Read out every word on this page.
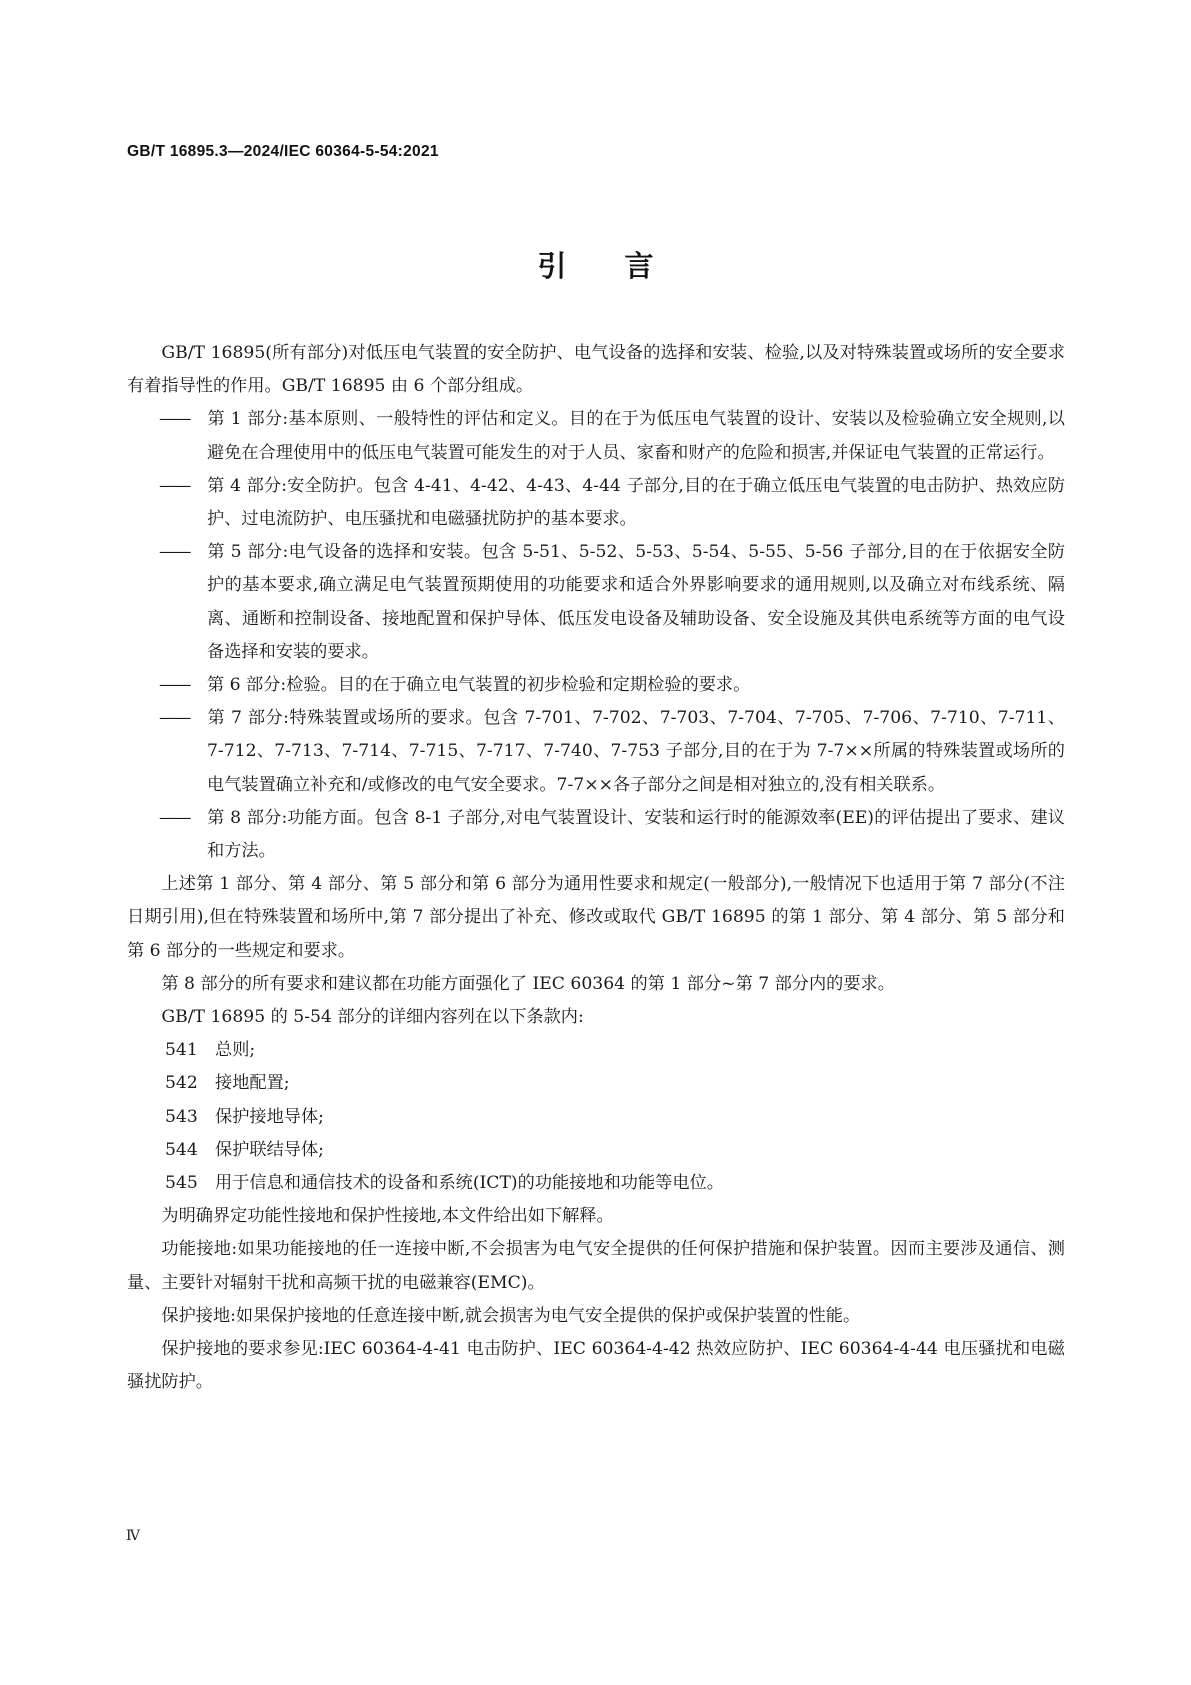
GB/T 16895.3—2024/IEC 60364-5-54:2021
引言

GB/T 16895(所有部分)对低压电气装置的安全防护、电气设备的选择和安装、检验,以及对特殊装置或场所的安全要求有着指导性的作用。GB/T 16895 由 6 个部分组成。

—— 第 1 部分:基本原则、一般特性的评估和定义。目的在于为低压电气装置的设计、安装以及检验确立安全规则,以避免在合理使用中的低压电气装置可能发生的对于人员、家畜和财产的危险和损害,并保证电气装置的正常运行。

—— 第 4 部分:安全防护。包含 4-41、4-42、4-43、4-44 子部分,目的在于确立低压电气装置的电击防护、热效应防护、过电流防护、电压骚扰和电磁骚扰防护的基本要求。

—— 第 5 部分:电气设备的选择和安装。包含 5-51、5-52、5-53、5-54、5-55、5-56 子部分,目的在于依据安全防护的基本要求,确立满足电气装置预期使用的功能要求和适合外界影响要求的通用规则,以及确立对布线系统、隔离、通断和控制设备、接地配置和保护导体、低压发电设备及辅助设备、安全设施及其供电系统等方面的电气设备选择和安装的要求。

—— 第 6 部分:检验。目的在于确立电气装置的初步检验和定期检验的要求。

—— 第 7 部分:特殊装置或场所的要求。包含 7-701、7-702、7-703、7-704、7-705、7-706、7-710、7-711、7-712、7-713、7-714、7-715、7-717、7-740、7-753 子部分,目的在于为 7-7××所属的特殊装置或场所的电气装置确立补充和/或修改的电气安全要求。7-7××各子部分之间是相对独立的,没有相关联系。

—— 第 8 部分:功能方面。包含 8-1 子部分,对电气装置设计、安装和运行时的能源效率(EE)的评估提出了要求、建议和方法。

上述第 1 部分、第 4 部分、第 5 部分和第 6 部分为通用性要求和规定(一般部分),一般情况下也适用于第 7 部分(不注日期引用),但在特殊装置和场所中,第 7 部分提出了补充、修改或取代 GB/T 16895 的第 1 部分、第 4 部分、第 5 部分和第 6 部分的一些规定和要求。

第 8 部分的所有要求和建议都在功能方面强化了 IEC 60364 的第 1 部分~第 7 部分内的要求。

GB/T 16895 的 5-54 部分的详细内容列在以下条款内:

541 总则;

542 接地配置;

543 保护接地导体;

544 保护联结导体;

545 用于信息和通信技术的设备和系统(ICT)的功能接地和功能等电位。

为明确界定功能性接地和保护性接地,本文件给出如下解释。

功能接地:如果功能接地的任一连接中断,不会损害为电气安全提供的任何保护措施和保护装置。因而主要涉及通信、测量、主要针对辐射干扰和高频干扰的电磁兼容(EMC)。

保护接地:如果保护接地的任意连接中断,就会损害为电气安全提供的保护或保护装置的性能。

保护接地的要求参见:IEC 60364-4-41 电击防护、IEC 60364-4-42 热效应防护、IEC 60364-4-44 电压骚扰和电磁骚扰防护。

Ⅳ
